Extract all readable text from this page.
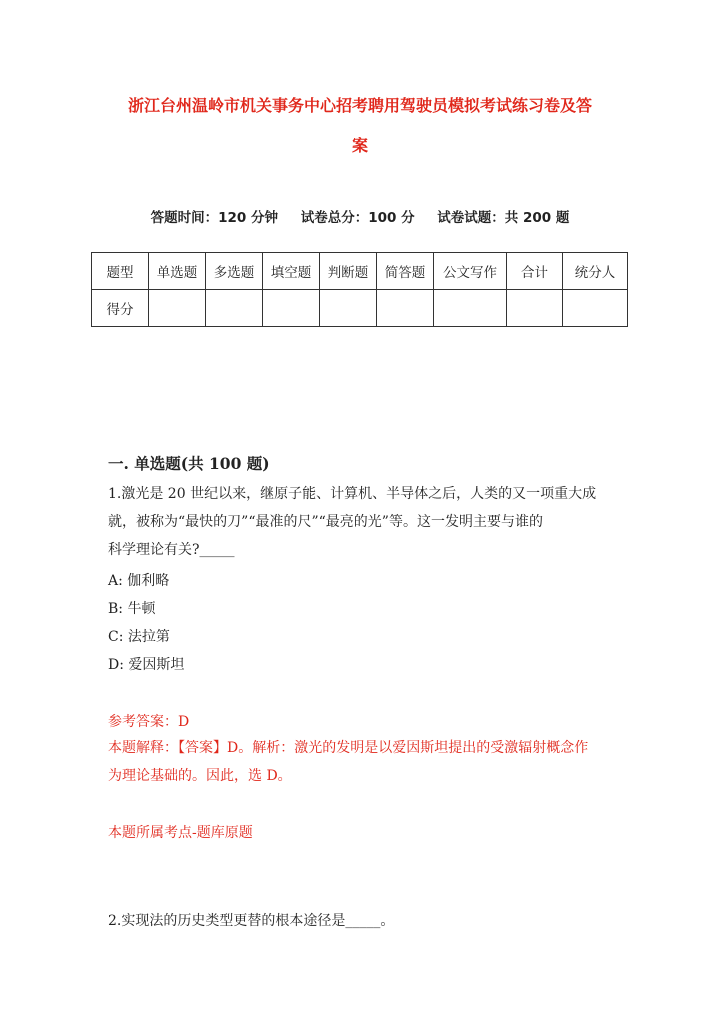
浙江台州温岭市机关事务中心招考聘用驾驶员模拟考试练习卷及答
案
答题时间：120 分钟 试卷总分：100 分 试卷试题：共 200 题
题型	单选题	多选题	填空题	判断题	简答题	公文写作	合计	统分人
得分								
一. 单选题(共 100 题)
1.激光是 20 世纪以来，继原子能、计算机、半导体之后，人类的又一项重大成
就，被称为“最快的刀”“最准的尺”“最亮的光”等。这一发明主要与谁的
科学理论有关?_____
A: 伽利略
B: 牛顿
C: 法拉第
D: 爱因斯坦
参考答案：D
本题解释：【答案】D。解析：激光的发明是以爱因斯坦提出的受激辐射概念作
为理论基础的。因此，选 D。
本题所属考点-题库原题
2.实现法的历史类型更替的根本途径是_____。
